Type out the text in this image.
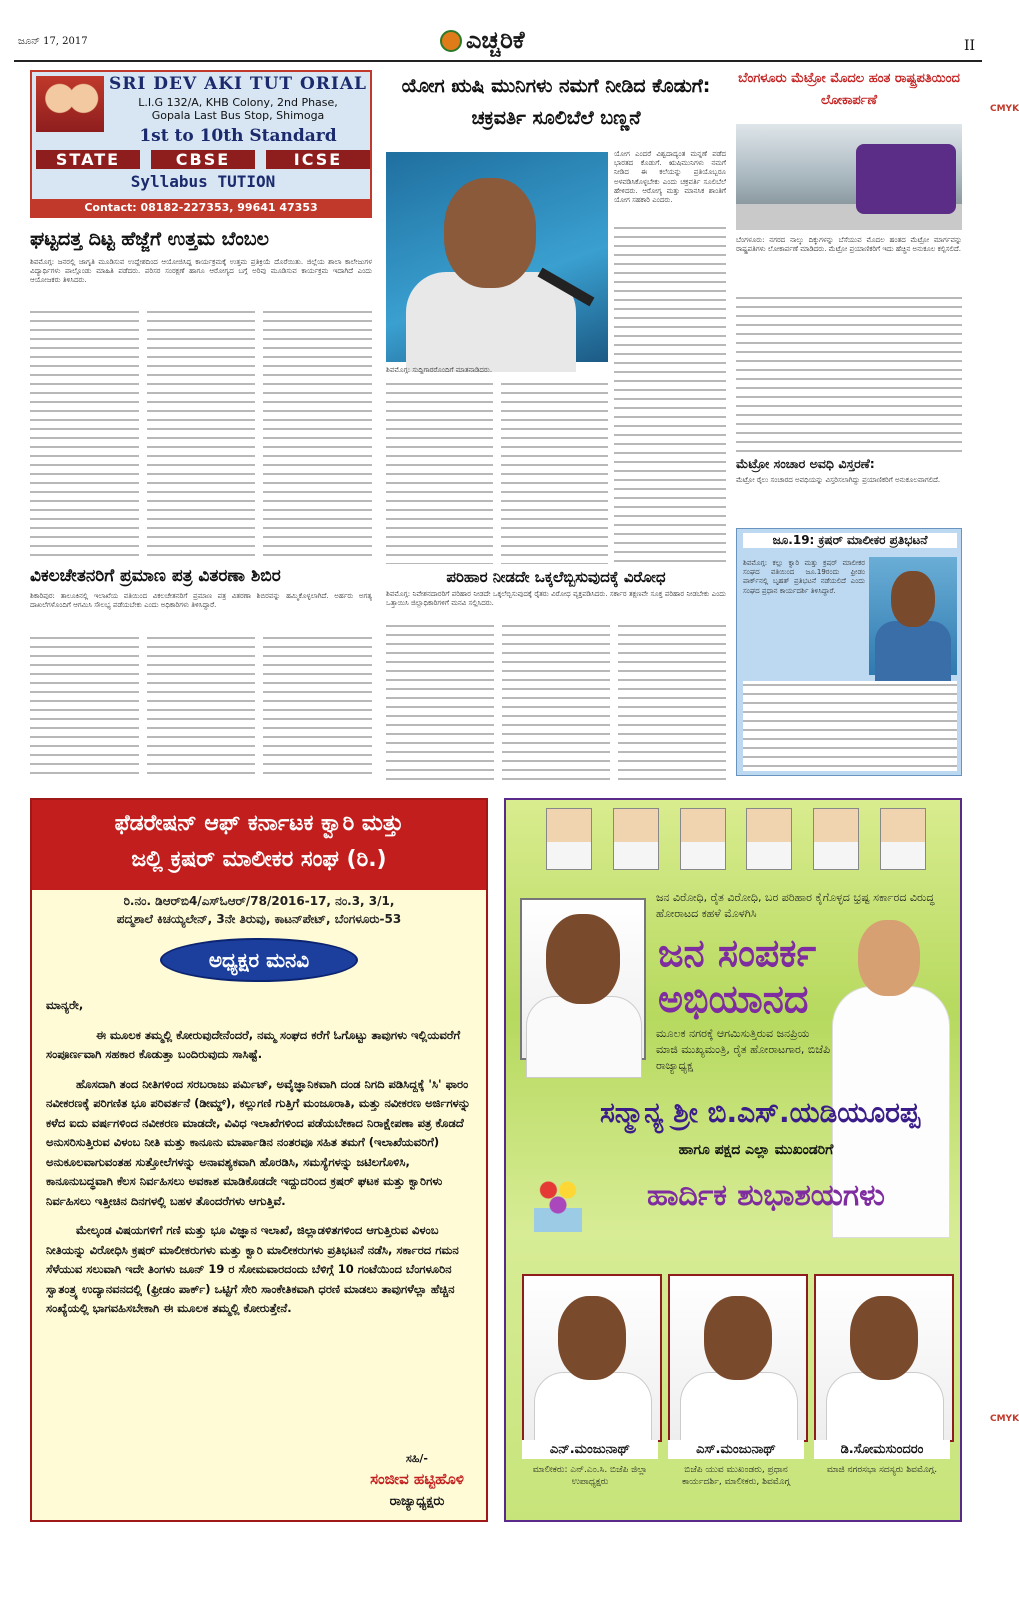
ಜೂನ್ 17, 2017	ಎಚ್ಚರಿಕೆ	II
CMYK
CMYK
SRI DEV AKI TUT ORIAL
L.I.G 132/A, KHB Colony, 2nd Phase,
Gopala Last Bus Stop, Shimoga
1st to 10th Standard
STATE	CBSE	ICSE
Syllabus TUTION
Contact: 08182-227353, 99641 47353
ಘಟ್ಟದತ್ತ ದಿಟ್ಟ ಹೆಜ್ಜೆಗೆ ಉತ್ತಮ ಬೆಂಬಲ
ಶಿವಮೊಗ್ಗ: ಜನರಲ್ಲಿ ಜಾಗೃತಿ ಮೂಡಿಸುವ ಉದ್ದೇಶದಿಂದ ಆಯೋಜಿಸಿದ್ದ ಕಾರ್ಯಕ್ರಮಕ್ಕೆ ಉತ್ತಮ ಪ್ರತಿಕ್ರಿಯೆ ದೊರೆಯಿತು. ಜಿಲ್ಲೆಯ ಶಾಲಾ ಕಾಲೇಜುಗಳ ವಿದ್ಯಾರ್ಥಿಗಳು ಪಾಲ್ಗೊಂಡು ಮಾಹಿತಿ ಪಡೆದರು. ಪರಿಸರ ಸಂರಕ್ಷಣೆ ಹಾಗೂ ಆರೋಗ್ಯದ ಬಗ್ಗೆ ಅರಿವು ಮೂಡಿಸುವ ಕಾರ್ಯಕ್ರಮ ಇದಾಗಿದೆ ಎಂದು ಆಯೋಜಕರು ತಿಳಿಸಿದರು.
ವಿಕಲಚೇತನರಿಗೆ ಪ್ರಮಾಣ ಪತ್ರ ವಿತರಣಾ ಶಿಬಿರ
ಶಿಕಾರಿಪುರ: ತಾಲೂಕಿನಲ್ಲಿ ಇಲಾಖೆಯ ವತಿಯಿಂದ ವಿಕಲಚೇತನರಿಗೆ ಪ್ರಮಾಣ ಪತ್ರ ವಿತರಣಾ ಶಿಬಿರವನ್ನು ಹಮ್ಮಿಕೊಳ್ಳಲಾಗಿದೆ. ಅರ್ಹರು ಅಗತ್ಯ ದಾಖಲೆಗಳೊಂದಿಗೆ ಆಗಮಿಸಿ ಸೌಲಭ್ಯ ಪಡೆಯಬೇಕು ಎಂದು ಅಧಿಕಾರಿಗಳು ತಿಳಿಸಿದ್ದಾರೆ.
ಯೋಗ ಋಷಿ ಮುನಿಗಳು ನಮಗೆ ನೀಡಿದ ಕೊಡುಗೆ: ಚಕ್ರವರ್ತಿ ಸೂಲಿಬೆಲೆ ಬಣ್ಣನೆ
ಶಿವಮೊಗ್ಗ: ಸುದ್ದಿಗಾರರೊಂದಿಗೆ ಮಾತನಾಡಿದರು.
ಯೋಗ ಎಂದರೆ ವಿಶ್ವದಾದ್ಯಂತ ಮನ್ನಣೆ ಪಡೆದ ಭಾರತದ ಕೊಡುಗೆ. ಋಷಿಮುನಿಗಳು ನಮಗೆ ನೀಡಿದ ಈ ಕಲೆಯನ್ನು ಪ್ರತಿಯೊಬ್ಬರೂ ಅಳವಡಿಸಿಕೊಳ್ಳಬೇಕು ಎಂದು ಚಕ್ರವರ್ತಿ ಸೂಲಿಬೆಲೆ ಹೇಳಿದರು. ಆರೋಗ್ಯ ಮತ್ತು ಮಾನಸಿಕ ಶಾಂತಿಗೆ ಯೋಗ ಸಹಕಾರಿ ಎಂದರು.
ಪರಿಹಾರ ನೀಡದೇ ಒಕ್ಕಲೆಬ್ಬಿಸುವುದಕ್ಕೆ ವಿರೋಧ
ಶಿವಮೊಗ್ಗ: ನಿವೇಶನದಾರರಿಗೆ ಪರಿಹಾರ ನೀಡದೇ ಒಕ್ಕಲೆಬ್ಬಿಸುವುದಕ್ಕೆ ರೈತರು ವಿರೋಧ ವ್ಯಕ್ತಪಡಿಸಿದರು. ಸರ್ಕಾರ ತಕ್ಷಣವೇ ಸೂಕ್ತ ಪರಿಹಾರ ನೀಡಬೇಕು ಎಂದು ಒತ್ತಾಯಿಸಿ ಜಿಲ್ಲಾಧಿಕಾರಿಗಳಿಗೆ ಮನವಿ ಸಲ್ಲಿಸಿದರು.
ಬೆಂಗಳೂರು ಮೆಟ್ರೋ ಮೊದಲ ಹಂತ ರಾಷ್ಟ್ರಪತಿಯಿಂದ ಲೋಕಾರ್ಪಣೆ
ಬೆಂಗಳೂರು: ನಗರದ ನಾಲ್ಕು ದಿಕ್ಕುಗಳನ್ನು ಬೆಸೆಯುವ ಮೊದಲ ಹಂತದ ಮೆಟ್ರೋ ಮಾರ್ಗವನ್ನು ರಾಷ್ಟ್ರಪತಿಗಳು ಲೋಕಾರ್ಪಣೆ ಮಾಡಿದರು. ಮೆಟ್ರೋ ಪ್ರಯಾಣಿಕರಿಗೆ ಇದು ಹೆಚ್ಚಿನ ಅನುಕೂಲ ಕಲ್ಪಿಸಲಿದೆ.
ಮೆಟ್ರೋ ಸಂಚಾರ ಅವಧಿ ವಿಸ್ತರಣೆ:
ಮೆಟ್ರೋ ರೈಲು ಸಂಚಾರದ ಅವಧಿಯನ್ನು ವಿಸ್ತರಿಸಲಾಗಿದ್ದು ಪ್ರಯಾಣಿಕರಿಗೆ ಅನುಕೂಲವಾಗಲಿದೆ.
ಜೂ.19: ಕ್ರಷರ್ ಮಾಲೀಕರ ಪ್ರತಿಭಟನೆ
ಶಿವಮೊಗ್ಗ: ಕಲ್ಲು ಕ್ವಾರಿ ಮತ್ತು ಕ್ರಷರ್ ಮಾಲೀಕರ ಸಂಘದ ವತಿಯಿಂದ ಜೂ.19ರಂದು ಫ್ರೀಡಂ ಪಾರ್ಕ್‌ನಲ್ಲಿ ಬೃಹತ್ ಪ್ರತಿಭಟನೆ ನಡೆಯಲಿದೆ ಎಂದು ಸಂಘದ ಪ್ರಧಾನ ಕಾರ್ಯದರ್ಶಿ ತಿಳಿಸಿದ್ದಾರೆ.
ಫೆಡರೇಷನ್ ಆಫ್ ಕರ್ನಾಟಕ ಕ್ವಾರಿ ಮತ್ತು
ಜಲ್ಲಿ ಕ್ರಷರ್ ಮಾಲೀಕರ ಸಂಘ (ರಿ.)
ರಿ.ನಂ. ಡಿಆರ್‌ಬಿ4/ಎಸ್‌ಓಆರ್/78/2016-17, ನಂ.3, 3/1,
ಪದ್ಮಶಾಲೆ ಕಿಚಯ್ಯಲೇನ್, 3ನೇ ತಿರುವು, ಕಾಟನ್‌ಪೇಟ್, ಬೆಂಗಳೂರು-53
ಅಧ್ಯಕ್ಷರ ಮನವಿ

ಮಾನ್ಯರೇ,

ಈ ಮೂಲಕ ತಮ್ಮಲ್ಲಿ ಕೋರುವುದೇನೆಂದರೆ, ನಮ್ಮ ಸಂಘದ ಕರೆಗೆ ಓಗೊಟ್ಟು ತಾವುಗಳು ಇಲ್ಲಿಯವರೆಗೆ ಸಂಪೂರ್ಣವಾಗಿ ಸಹಕಾರ ಕೊಡುತ್ತಾ ಬಂದಿರುವುದು ಸಾಸಿಷ್ಟೆ.

ಹೊಸದಾಗಿ ತಂದ ನೀತಿಗಳಿಂದ ಸರಬರಾಜು ಪರ್ಮಿಟ್, ಅವೈಜ್ಞಾನಿಕವಾಗಿ ದಂಡ ನಿಗದಿ ಪಡಿಸಿದ್ದಕ್ಕೆ 'ಸಿ' ಫಾರಂ ನವೀಕರಣಕ್ಕೆ ಪರಿಗಣಿತ ಭೂ ಪರಿವರ್ತನೆ (ಡೀಮ್ಡ್), ಕಲ್ಲುಗಣಿ ಗುತ್ತಿಗೆ ಮಂಜೂರಾತಿ, ಮತ್ತು ನವೀಕರಣ ಅರ್ಜಿಗಳನ್ನು ಕಳೆದ ಐದು ವರ್ಷಗಳಿಂದ ನವೀಕರಣ ಮಾಡದೇ, ವಿವಿಧ ಇಲಾಖೆಗಳಿಂದ ಪಡೆಯಬೇಕಾದ ನಿರಾಕ್ಷೇಪಣಾ ಪತ್ರ ಕೊಡದೆ ಅನುಸರಿಸುತ್ತಿರುವ ವಿಳಂಬ ನೀತಿ ಮತ್ತು ಕಾನೂನು ಮಾರ್ಪಾಡಿನ ನಂತರವೂ ಸಹಿತ ತಮಗೆ (ಇಲಾಖೆಯವರಿಗೆ) ಅನುಕೂಲವಾಗುವಂತಹ ಸುತ್ತೋಲೆಗಳನ್ನು ಅನಾವಶ್ಯಕವಾಗಿ ಹೊರಡಿಸಿ, ಸಮಸ್ಯೆಗಳನ್ನು ಜಟಿಲಗೊಳಿಸಿ, ಕಾನೂನುಬದ್ಧವಾಗಿ ಕೆಲಸ ನಿರ್ವಹಿಸಲು ಅವಕಾಶ ಮಾಡಿಕೊಡದೇ ಇದ್ದುದರಿಂದ ಕ್ರಷರ್ ಘಟಕ ಮತ್ತು ಕ್ವಾರಿಗಳು ನಿರ್ವಹಿಸಲು ಇತ್ತೀಚಿನ ದಿನಗಳಲ್ಲಿ ಬಹಳ ತೊಂದರೆಗಳು ಆಗುತ್ತಿವೆ.

ಮೇಲ್ಕಂಡ ವಿಷಯಗಳಿಗೆ ಗಣಿ ಮತ್ತು ಭೂ ವಿಜ್ಞಾನ ಇಲಾಖೆ, ಜಿಲ್ಲಾಡಳಿತಗಳಿಂದ ಆಗುತ್ತಿರುವ ವಿಳಂಬ ನೀತಿಯನ್ನು ವಿರೋಧಿಸಿ ಕ್ರಷರ್ ಮಾಲೀಕರುಗಳು ಮತ್ತು ಕ್ವಾರಿ ಮಾಲೀಕರುಗಳು ಪ್ರತಿಭಟನೆ ನಡೆಸಿ, ಸರ್ಕಾರದ ಗಮನ ಸೆಳೆಯುವ ಸಲುವಾಗಿ ಇದೇ ತಿಂಗಳು ಜೂನ್ 19 ರ ಸೋಮವಾರದಂದು ಬೆಳಿಗ್ಗೆ 10 ಗಂಟೆಯಿಂದ ಬೆಂಗಳೂರಿನ ಸ್ವಾತಂತ್ರ್ಯ ಉದ್ಯಾನವನದಲ್ಲಿ (ಫ್ರೀಡಂ ಪಾರ್ಕ್) ಒಟ್ಟಿಗೆ ಸೇರಿ ಸಾಂಕೇತಿಕವಾಗಿ ಧರಣಿ ಮಾಡಲು ತಾವುಗಳೆಲ್ಲಾ ಹೆಚ್ಚಿನ ಸಂಖ್ಯೆಯಲ್ಲಿ ಭಾಗವಹಿಸಬೇಕಾಗಿ ಈ ಮೂಲಕ ತಮ್ಮಲ್ಲಿ ಕೋರುತ್ತೇನೆ.

ಸಹಿ/-
ಸಂಜೀವ ಹಟ್ಟಿಹೊಳಿ
ರಾಜ್ಯಾಧ್ಯಕ್ಷರು
ಜನ ವಿರೋಧಿ, ರೈತ ವಿರೋಧಿ, ಬರ ಪರಿಹಾರ ಕೈಗೊಳ್ಳದ ಭ್ರಷ್ಟ ಸರ್ಕಾರದ ವಿರುದ್ಧ ಹೋರಾಟದ ಕಹಳೆ ಮೊಳಗಿಸಿ
ಜನ ಸಂಪರ್ಕ ಅಭಿಯಾನದ
ಮೂಲಕ ನಗರಕ್ಕೆ ಆಗಮಿಸುತ್ತಿರುವ ಜನಪ್ರಿಯ ಮಾಜಿ ಮುಖ್ಯಮಂತ್ರಿ, ರೈತ ಹೋರಾಟಗಾರ, ಬಿಜೆಪಿ ರಾಜ್ಯಾಧ್ಯಕ್ಷ
ಸನ್ಮಾನ್ಯ ಶ್ರೀ ಬಿ.ಎಸ್.ಯಡಿಯೂರಪ್ಪ
ಹಾಗೂ ಪಕ್ಷದ ಎಲ್ಲಾ ಮುಖಂಡರಿಗೆ
ಹಾರ್ದಿಕ ಶುಭಾಶಯಗಳು
ಎನ್.ಮಂಜುನಾಥ್
ಮಾಲೀಕರು: ಎನ್.ಎಂ.ಸಿ. ಬಿಜೆಪಿ ಜಿಲ್ಲಾ ಉಪಾಧ್ಯಕ್ಷರು
ಎಸ್.ಮಂಜುನಾಥ್
ಬಿಜೆಪಿ ಯುವ ಮುಖಂಡರು, ಪ್ರಧಾನ ಕಾರ್ಯದರ್ಶಿ, ಮಾಲೀಕರು, ಶಿವಮೊಗ್ಗ
ಡಿ.ಸೋಮಸುಂದರಂ
ಮಾಜಿ ನಗರಸಭಾ ಸದಸ್ಯರು ಶಿವಮೊಗ್ಗ.
